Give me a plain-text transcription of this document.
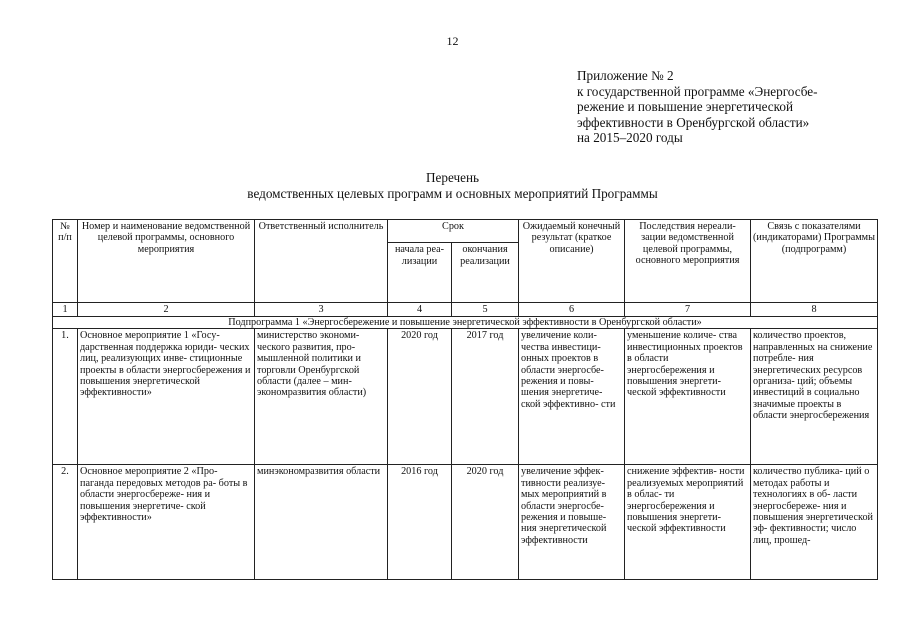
12
Приложение № 2
к государственной программе «Энергосбе-
режение и повышение энергетической
эффективности в Оренбургской области»
на 2015–2020 годы
Перечень
ведомственных целевых программ и основных мероприятий Программы
№ п/п	Номер и наименование ведомственной целевой программы, основного мероприятия	Ответственный исполнитель	Срок		Ожидаемый конечный результат (краткое описание)	Последствия нереали- зации ведомственной целевой программы, основного мероприятия	Связь с показателями (индикаторами) Программы (подпрограмм)
			начала реа- лизации	окончания реализации			
1	2	3	4	5	6	7	8
Подпрограмма 1 «Энергосбережение и повышение энергетической эффективности в Оренбургской области»							
1.	Основное мероприятие 1 «Госу- дарственная поддержка юриди- ческих лиц, реализующих инве- стиционные проекты в области энергосбережения и повышения энергетической эффективности»	министерство экономи- ческого развития, про- мышленной политики и торговли Оренбургской области (далее – мин- экономразвития области)	2020 год	2017 год	увеличение коли- чества инвестици- онных проектов в области энергосбе- режения и повы- шения энергетиче- ской эффективно- сти	уменьшение количе- ства инвестиционных проектов в области энергосбережения и повышения энергети- ческой эффективности	количество проектов, направленных на снижение потребле- ния энергетических ресурсов организа- ций; объемы инвестиций в социально значимые проекты в области энергосбережения
2.	Основное мероприятие 2 «Про- паганда передовых методов ра- боты в области энергосбереже- ния и повышения энергетиче- ской эффективности»	минэкономразвития области	2016 год	2020 год	увеличение эффек- тивности реализуе- мых мероприятий в области энергосбе- режения и повыше- ния энергетической эффективности	снижение эффектив- ности реализуемых мероприятий в облас- ти энергосбережения и повышения энергети- ческой эффективности	количество публика- ций о методах работы и технологиях в об- ласти энергосбереже- ния и повышения энергетической эф- фективности; число лиц, прошед-
